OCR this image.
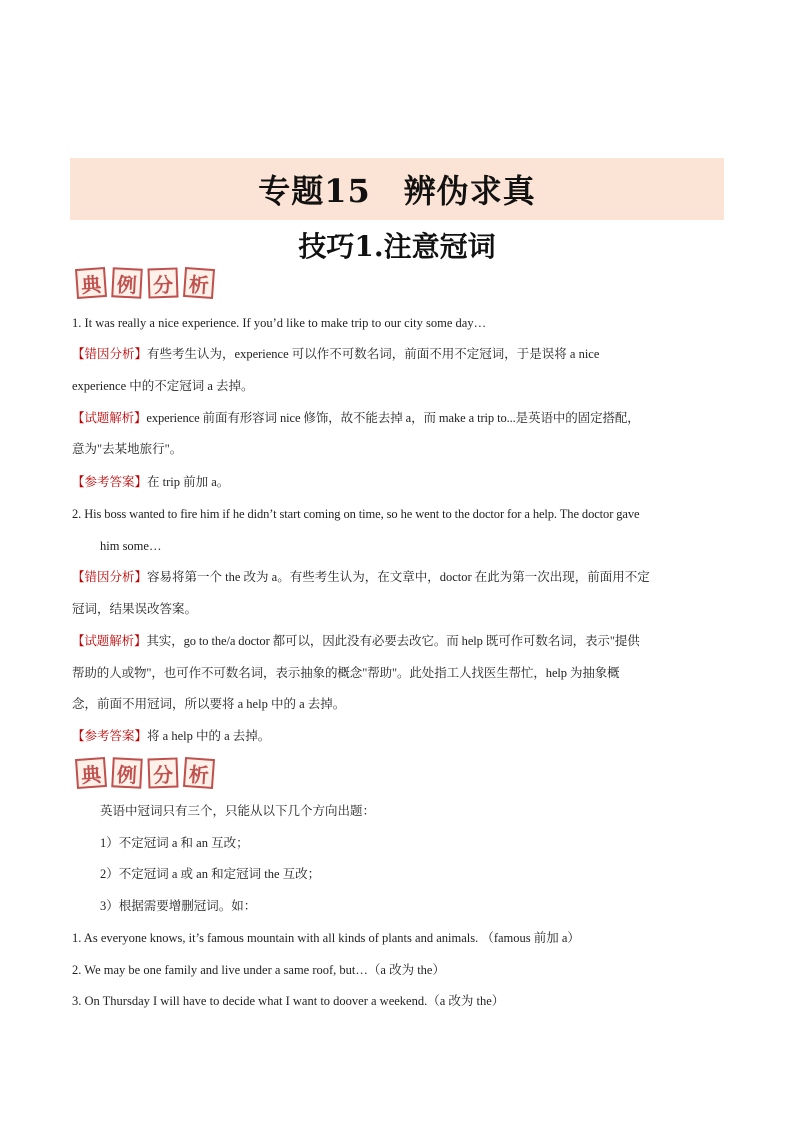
专题15　辨伪求真
技巧1.注意冠词
典 例 分 析
1. It was really a nice experience. If you’d like to make trip to our city some day…
【错因分析】有些考生认为，experience 可以作不可数名词，前面不用不定冠词，于是误将 a nice
experience 中的不定冠词 a 去掉。
【试题解析】experience 前面有形容词 nice 修饰，故不能去掉 a，而 make a trip to...是英语中的固定搭配，
意为"去某地旅行"。
【参考答案】在 trip 前加 a。
2. His boss wanted to fire him if he didn’t start coming on time, so he went to the doctor for a help. The doctor gave
him some…
【错因分析】容易将第一个 the 改为 a。有些考生认为，在文章中，doctor 在此为第一次出现，前面用不定
冠词，结果误改答案。
【试题解析】其实，go to the/a doctor 都可以，因此没有必要去改它。而 help 既可作可数名词，表示"提供
帮助的人或物"，也可作不可数名词，表示抽象的概念"帮助"。此处指工人找医生帮忙，help 为抽象概
念，前面不用冠词，所以要将 a help 中的 a 去掉。
【参考答案】将 a help 中的 a 去掉。
典 例 分 析
英语中冠词只有三个，只能从以下几个方向出题：
1）不定冠词 a 和 an 互改；
2）不定冠词 a 或 an 和定冠词 the 互改；
3）根据需要增删冠词。如：
1. As everyone knows, it’s famous mountain with all kinds of plants and animals. （famous 前加 a）
2. We may be one family and live under a same roof, but…（a 改为 the）
3. On Thursday I will have to decide what I want to doover a weekend.（a 改为 the）
